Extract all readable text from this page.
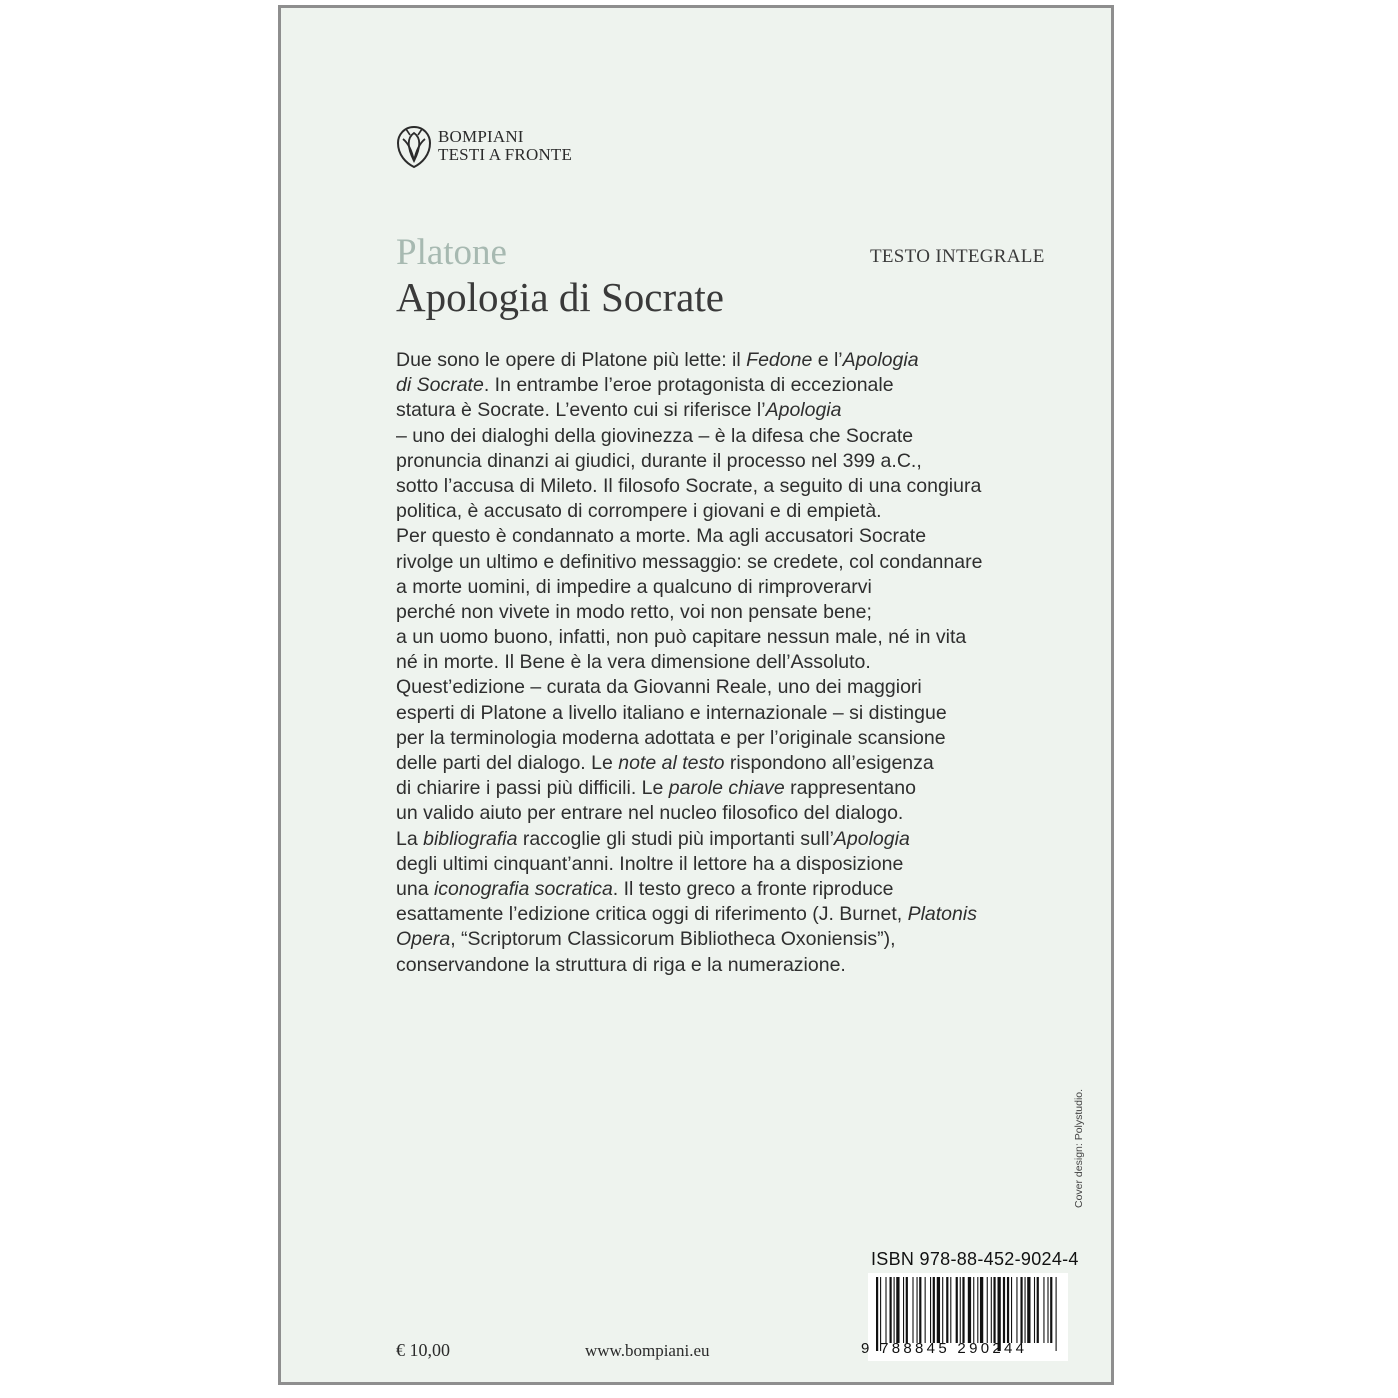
BOMPIANI
TESTI A FRONTE
Platone
Apologia di Socrate
TESTO INTEGRALE
Due sono le opere di Platone più lette: il Fedone e l’Apologia
di Socrate. In entrambe l’eroe protagonista di eccezionale
statura è Socrate. L’evento cui si riferisce l’Apologia
– uno dei dialoghi della giovinezza – è la difesa che Socrate
pronuncia dinanzi ai giudici, durante il processo nel 399 a.C.,
sotto l’accusa di Mileto. Il filosofo Socrate, a seguito di una congiura
politica, è accusato di corrompere i giovani e di empietà.
Per questo è condannato a morte. Ma agli accusatori Socrate
rivolge un ultimo e definitivo messaggio: se credete, col condannare
a morte uomini, di impedire a qualcuno di rimproverarvi
perché non vivete in modo retto, voi non pensate bene;
a un uomo buono, infatti, non può capitare nessun male, né in vita
né in morte. Il Bene è la vera dimensione dell’Assoluto.
Quest’edizione – curata da Giovanni Reale, uno dei maggiori
esperti di Platone a livello italiano e internazionale – si distingue
per la terminologia moderna adottata e per l’originale scansione
delle parti del dialogo. Le note al testo rispondono all’esigenza
di chiarire i passi più difficili. Le parole chiave rappresentano
un valido aiuto per entrare nel nucleo filosofico del dialogo.
La bibliografia raccoglie gli studi più importanti sull’Apologia
degli ultimi cinquant’anni. Inoltre il lettore ha a disposizione
una iconografia socratica. Il testo greco a fronte riproduce
esattamente l’edizione critica oggi di riferimento (J. Burnet, Platonis
Opera, “Scriptorum Classicorum Bibliotheca Oxoniensis”),
conservandone la struttura di riga e la numerazione.
Cover design: Polystudio.
ISBN 978-88-452-9024-4
9 788845 290244
€ 10,00	www.bompiani.eu
